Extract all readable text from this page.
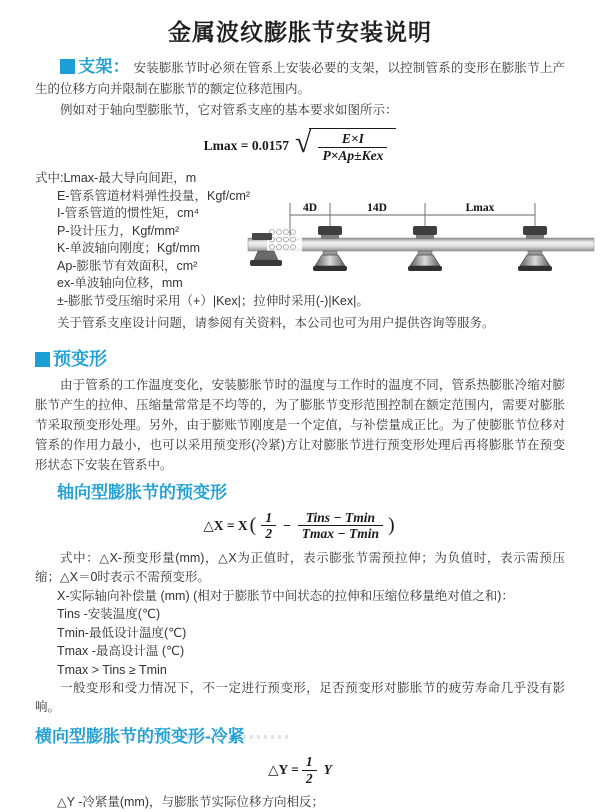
金属波纹膨胀节安装说明

支架： 安装膨胀节时必须在管系上安装必要的支架，以控制管系的变形在膨胀节上产生的位移方向并限制在膨胀节的额定位移范围内。

例如对于轴向型膨胀节，它对管系支座的基本要求如图所示：

Lmax = 0.0157 √ $\frac{E\times I}{\text{P×Ap±Kex}}$
式中:Lmax-最大导向间距，m
E-管系管道材料弹性投量，Kgf/cm²
I-管系管道的惯性矩，cm⁴
P-设计压力，Kgf/mm²
K-单波轴向刚度；Kgf/mm
Ap-膨胀节有效面积，cm²
ex-单波轴向位移，mm
±-膨胀节受压缩时采用（+）|Kex|；拉伸时采用(-)|Kex|。
关于管系支座设计问题，请参阅有关资料，本公司也可为用户提供咨询等服务。
4D	14D	Lmax
预变形

由于管系的工作温度变化，安装膨胀节时的温度与工作时的温度不同，管系热膨胀冷缩对膨胀节产生的拉伸、压缩量常常是不均等的，为了膨胀节变形范围控制在额定范围内，需要对膨胀节采取预变形处理。另外，由于膨账节刚度是一个定值，与补偿量成正比。为了使膨胀节位移对管系的作用力最小，也可以采用预变形(冷紧)方让对膨胀节进行预变形处理后再将膨胀节在预变形状态下安装在管系中。

轴向型膨胀节的预变形
△X = X ( $\frac{1}{2} - \frac{\text{Tins − Tmin}}{Tmax - Tmin}$ )
式中：△X-预变形量(mm)，△X为正值时，表示膨张节需预拉伸；为负值时，表示需预压缩；△X＝0时表示不需预变形。
X-实际轴向补偿量 (mm) (相对于膨胀节中间状态的拉伸和压缩位移量绝对值之和)：
Tins -安装温度(℃)
Tmin-最低设计温度(℃)
Tmax -最高设计温 (℃)
Tmax > Tins ≥ Tmin
一般变形和受力情况下，不一定进行预变形，足否预变形对膨胀节的疲劳寿命几乎没有影响。
横向型膨胀节的预变形-冷紧
△Y = $\frac{1}{2}$ Y
△Y -冷紧量(mm)，与膨胀节实际位移方向相反；
